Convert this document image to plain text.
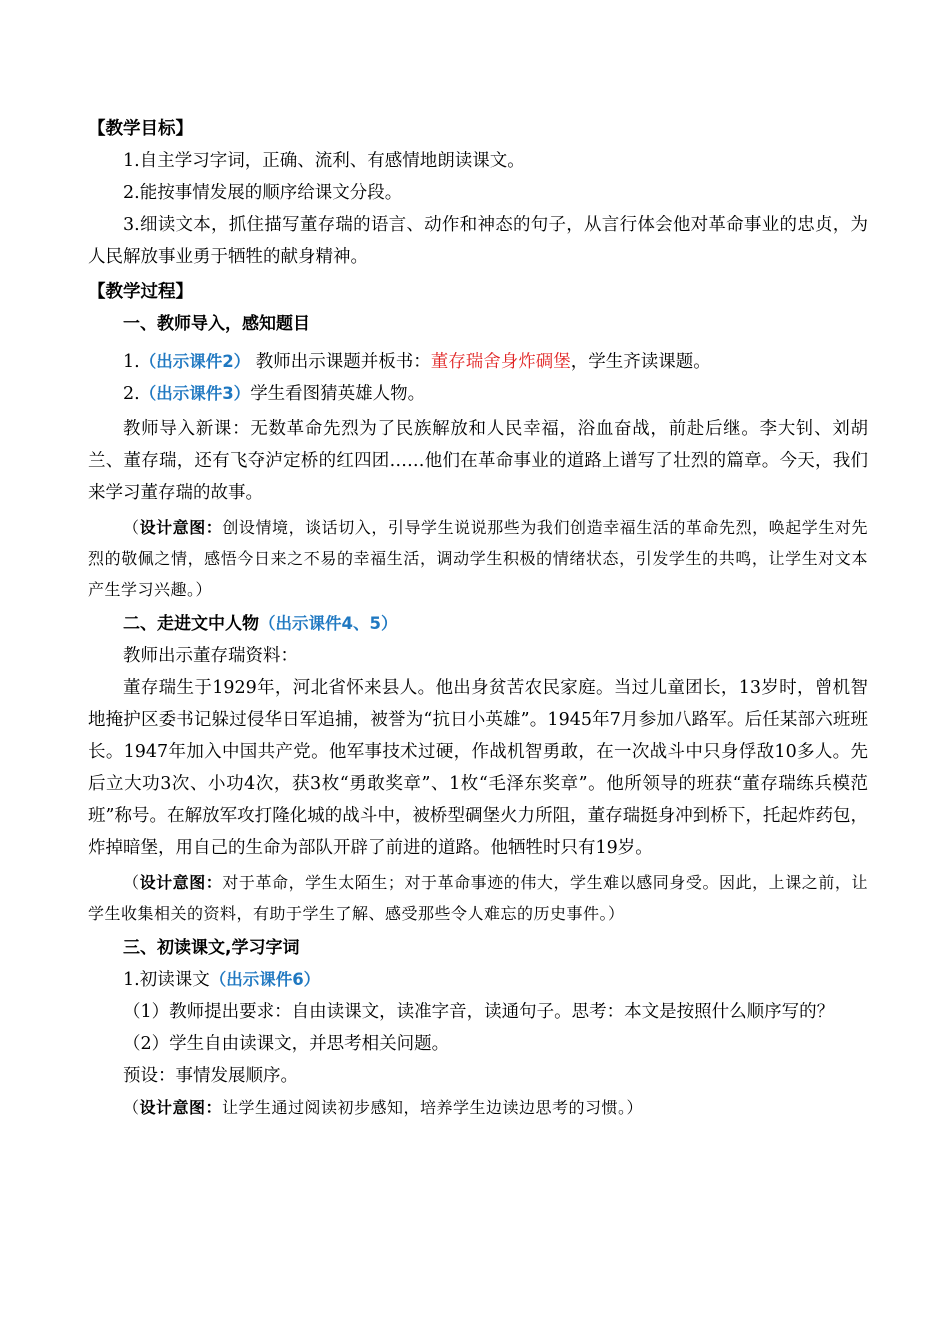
【教学目标】
1.自主学习字词，正确、流利、有感情地朗读课文。
2.能按事情发展的顺序给课文分段。
3.细读文本，抓住描写董存瑞的语言、动作和神态的句子，从言行体会他对革命事业的忠贞，为人民解放事业勇于牺牲的献身精神。
【教学过程】
一、教师导入，感知题目
1.（出示课件2） 教师出示课题并板书：董存瑞舍身炸碉堡，学生齐读课题。
2.（出示课件3）学生看图猜英雄人物。
教师导入新课：无数革命先烈为了民族解放和人民幸福，浴血奋战，前赴后继。李大钊、刘胡兰、董存瑞，还有飞夺泸定桥的红四团……他们在革命事业的道路上谱写了壮烈的篇章。今天，我们来学习董存瑞的故事。
（设计意图：创设情境，谈话切入，引导学生说说那些为我们创造幸福生活的革命先烈，唤起学生对先烈的敬佩之情，感悟今日来之不易的幸福生活，调动学生积极的情绪状态，引发学生的共鸣，让学生对文本产生学习兴趣。）
二、走进文中人物（出示课件4、5）
教师出示董存瑞资料：
董存瑞生于1929年，河北省怀来县人。他出身贫苦农民家庭。当过儿童团长，13岁时，曾机智地掩护区委书记躲过侵华日军追捕，被誉为“抗日小英雄”。1945年7月参加八路军。后任某部六班班长。1947年加入中国共产党。他军事技术过硬，作战机智勇敢，在一次战斗中只身俘敌10多人。先后立大功3次、小功4次，获3枚“勇敢奖章”、1枚“毛泽东奖章”。他所领导的班获“董存瑞练兵模范班”称号。在解放军攻打隆化城的战斗中，被桥型碉堡火力所阻，董存瑞挺身冲到桥下，托起炸药包，炸掉暗堡，用自己的生命为部队开辟了前进的道路。他牺牲时只有19岁。
（设计意图：对于革命，学生太陌生；对于革命事迹的伟大，学生难以感同身受。因此，上课之前，让学生收集相关的资料，有助于学生了解、感受那些令人难忘的历史事件。）
三、初读课文,学习字词
1.初读课文（出示课件6）
（1）教师提出要求：自由读课文，读准字音，读通句子。思考：本文是按照什么顺序写的？
（2）学生自由读课文，并思考相关问题。
预设：事情发展顺序。
（设计意图：让学生通过阅读初步感知，培养学生边读边思考的习惯。）
